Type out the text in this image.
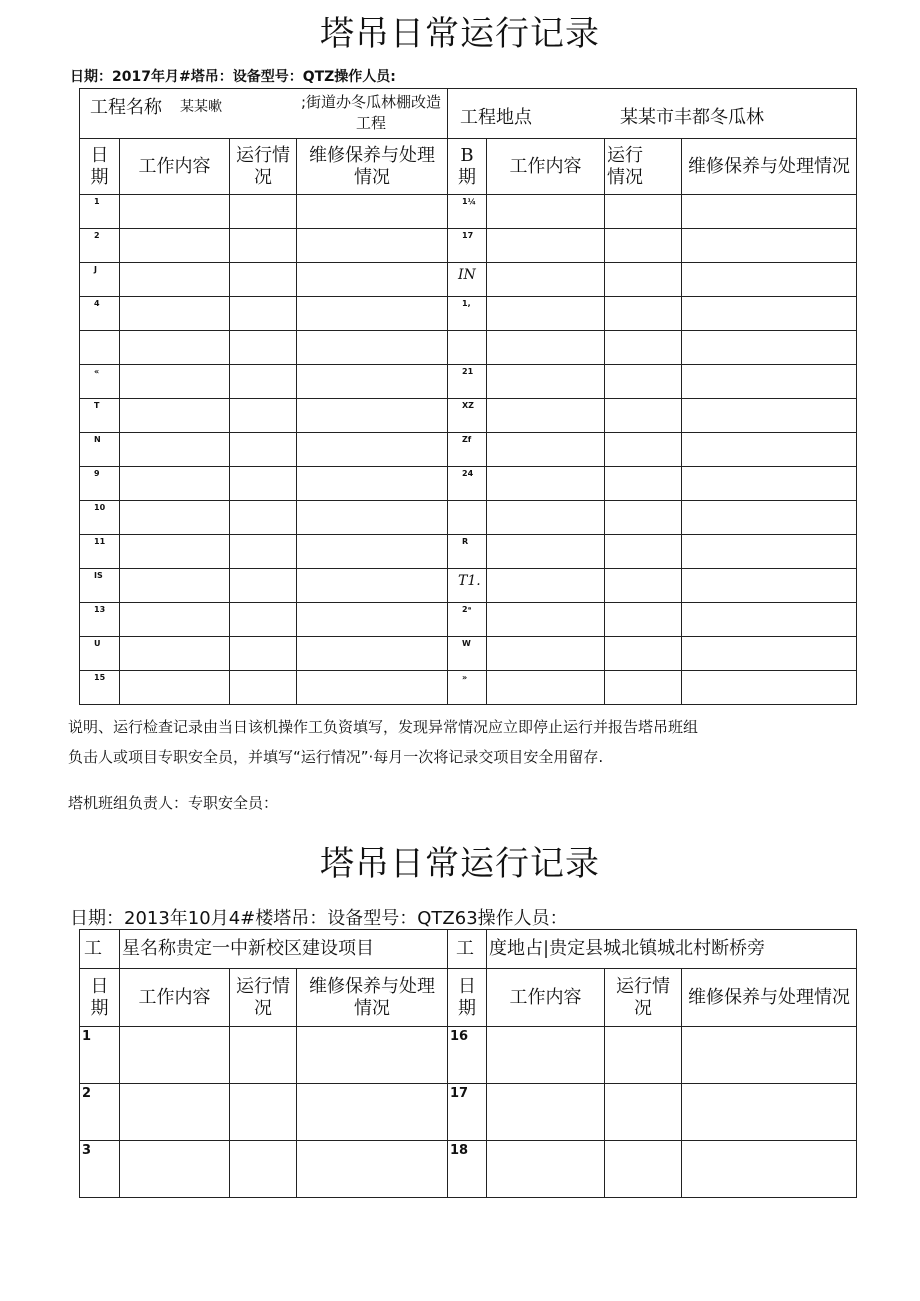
塔吊日常运行记录
日期：2017年月#塔吊：设备型号：QTZ操作人员:
工程名称 某某嗽 ;街道办冬瓜林棚改造工程				工程地点 某某市丰都冬瓜林			

日期	工作内容	运行情况	维修保养与处理情况	B期	工作内容	运行情况	维修保养与处理情况
1				1¼			
2				17			
J				IN			
4				1,			

«				21			
T				XZ			
N				Zf			
9				24			
10							
11				R			
IS				T1.			
13				2ᵃ			
U				W			
15				»			
说明、运行检查记录由当日该机操作工负资填写，发现异常情况应立即停止运行并报告塔吊班组
负击人或项目专职安全员，并填写“运行情况”·每月一次将记录交项目安全用留存.
塔机班组负责人：专职安全员：
塔吊日常运行记录
日期：2013年10月4#楼塔吊：设备型号：QTZ63操作人员：
工	星名称贵定一中新校区建设项目			工	度地占|贵定县城北镇城北村断桥旁		

日期	工作内容	运行情况	维修保养与处理情况	日期	工作内容	运行情况	维修保养与处理情况
1				16			
2				17			
3				18			
